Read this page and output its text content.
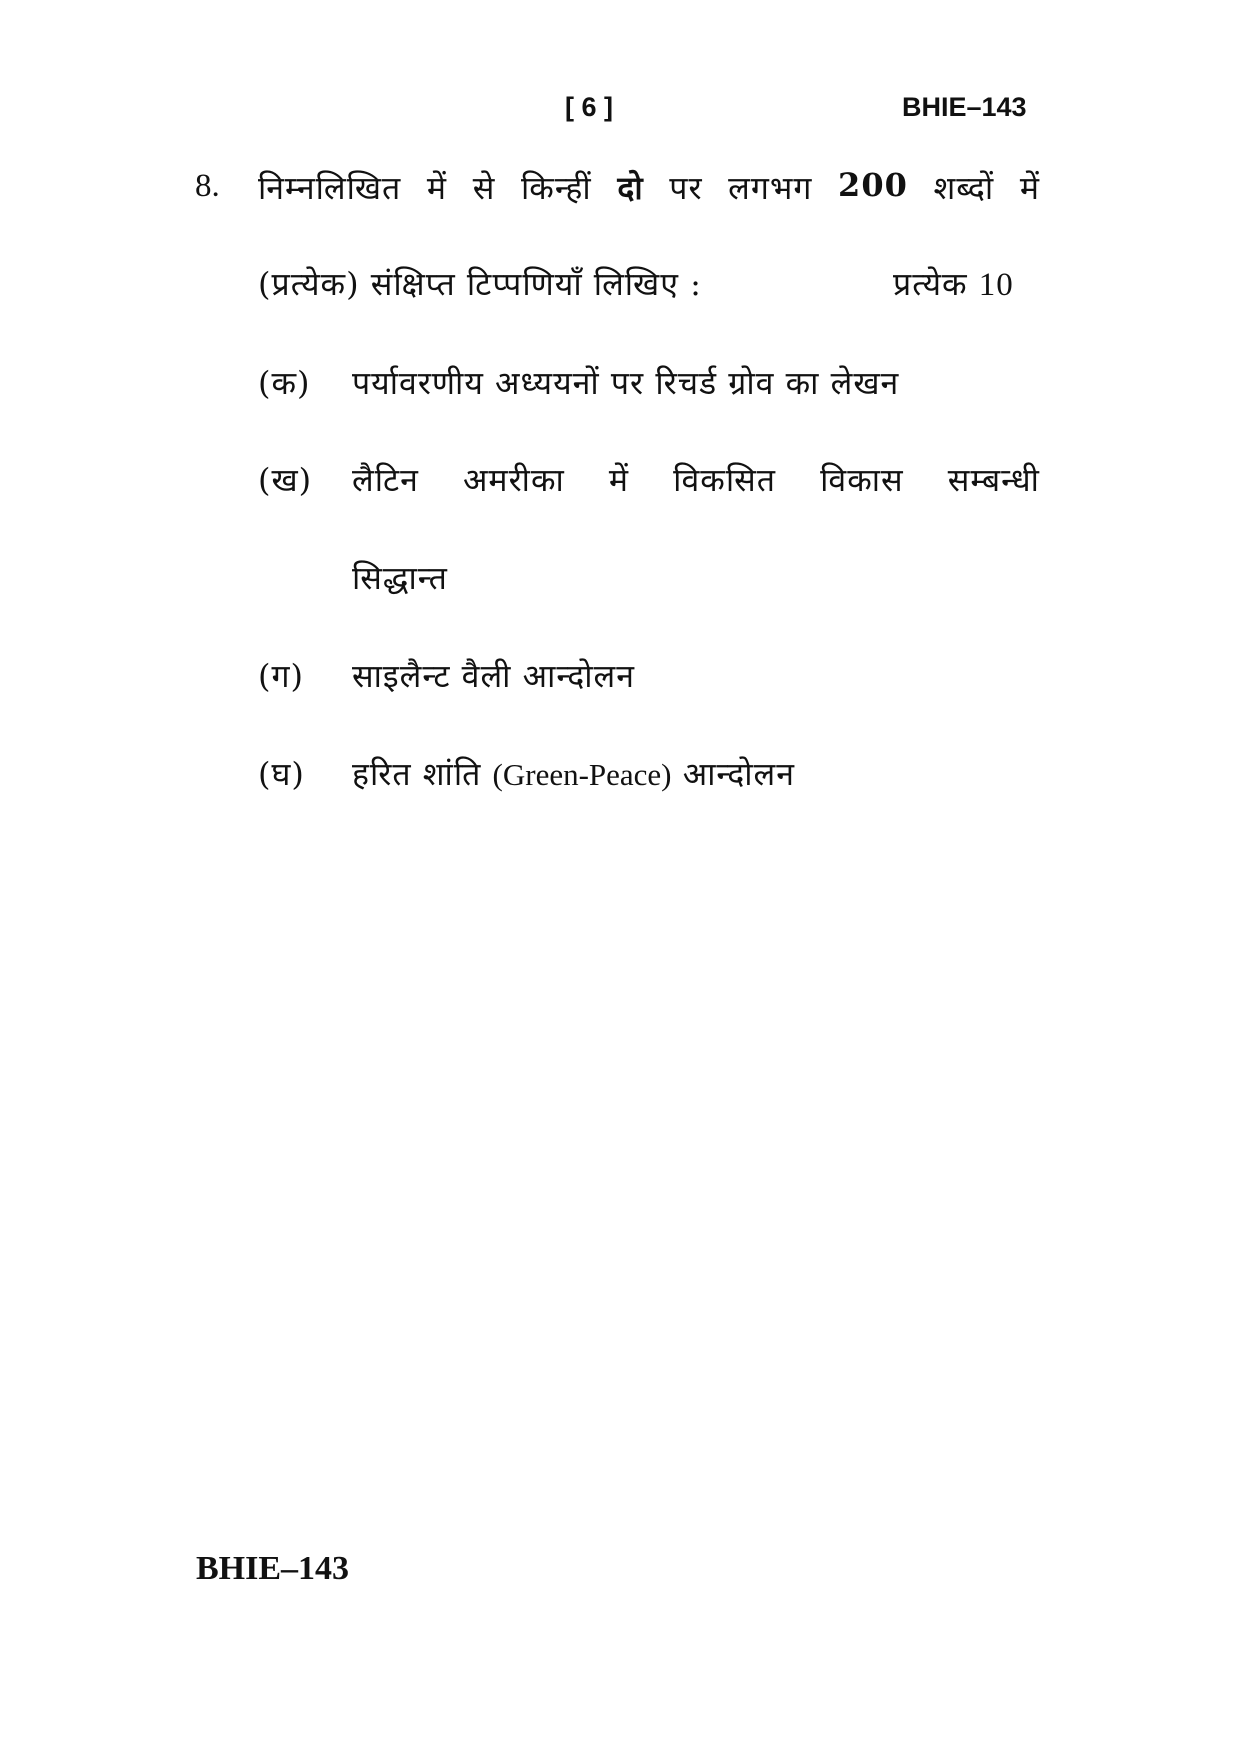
[ 6 ]	BHIE–143
8. निम्नलिखित में से किन्हीं दो पर लगभग 200 शब्दों में
(प्रत्येक) संक्षिप्त टिप्पणियाँ लिखिए :	प्रत्येक 10
(क) पर्यावरणीय अध्ययनों पर रिचर्ड ग्रोव का लेखन
(ख) लैटिन अमरीका में विकसित विकास सम्बन्धी
सिद्धान्त
(ग) साइलैन्ट वैली आन्दोलन
(घ) हरित शांति (Green-Peace) आन्दोलन
BHIE–143
